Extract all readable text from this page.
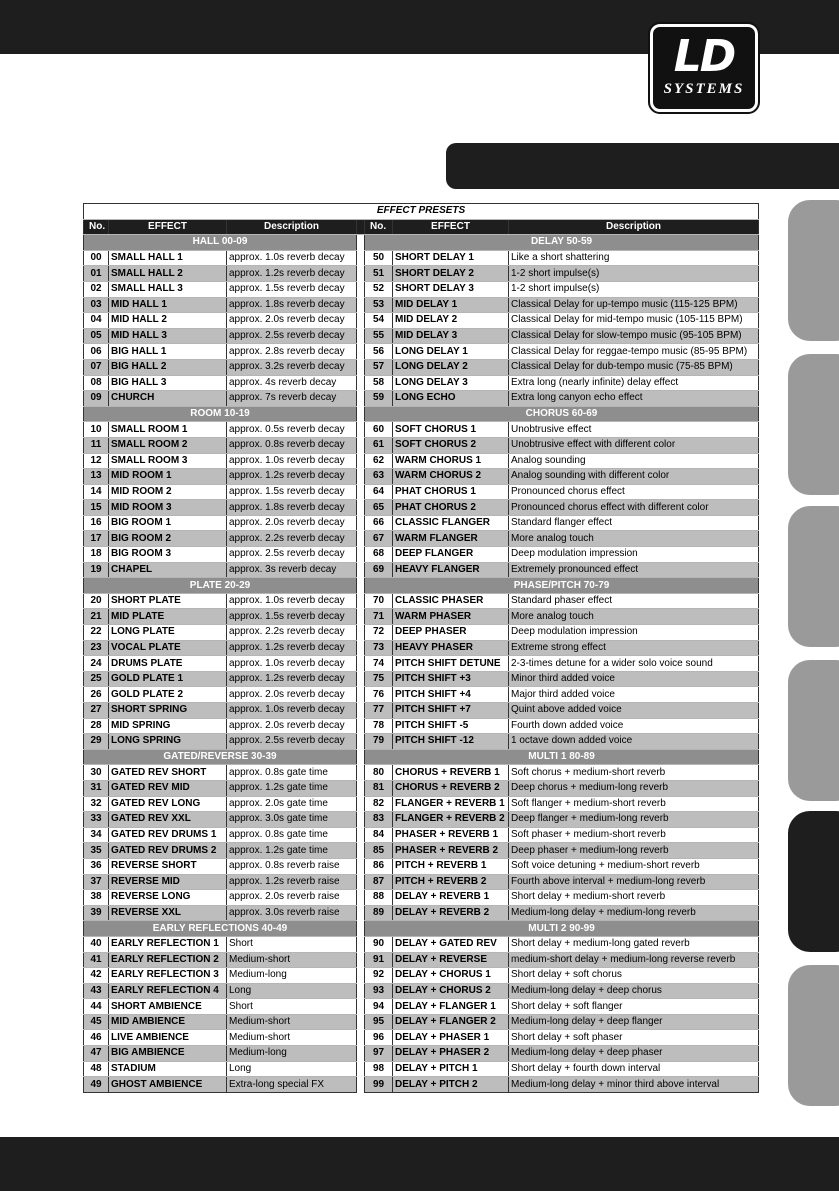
LD
SYSTEMS
EFFECT PRESETS						
No.	EFFECT	Description		No.	EFFECT	Description
HALL 00-09				DELAY 50-59		
00	SMALL HALL 1	approx. 1.0s reverb decay		50	SHORT DELAY 1	Like a short shattering
01	SMALL HALL 2	approx. 1.2s reverb decay		51	SHORT DELAY 2	1-2 short impulse(s)
02	SMALL HALL 3	approx. 1.5s reverb decay		52	SHORT DELAY 3	1-2 short impulse(s)
03	MID HALL 1	approx. 1.8s reverb decay		53	MID DELAY 1	Classical Delay for up-tempo music (115-125 BPM)
04	MID HALL 2	approx. 2.0s reverb decay		54	MID DELAY 2	Classical Delay for mid-tempo music (105-115 BPM)
05	MID HALL 3	approx. 2.5s reverb decay		55	MID DELAY 3	Classical Delay for slow-tempo music (95-105 BPM)
06	BIG HALL 1	approx. 2.8s reverb decay		56	LONG DELAY 1	Classical Delay for reggae-tempo music (85-95 BPM)
07	BIG HALL 2	approx. 3.2s reverb decay		57	LONG DELAY 2	Classical Delay for dub-tempo music (75-85 BPM)
08	BIG HALL 3	approx. 4s reverb decay		58	LONG DELAY 3	Extra long (nearly infinite) delay effect
09	CHURCH	approx. 7s reverb decay		59	LONG ECHO	Extra long canyon echo effect
ROOM 10-19				CHORUS 60-69		
10	SMALL ROOM 1	approx. 0.5s reverb decay		60	SOFT CHORUS 1	Unobtrusive effect
11	SMALL ROOM 2	approx. 0.8s reverb decay		61	SOFT CHORUS 2	Unobtrusive effect with different color
12	SMALL ROOM 3	approx. 1.0s reverb decay		62	WARM CHORUS 1	Analog sounding
13	MID ROOM 1	approx. 1.2s reverb decay		63	WARM CHORUS 2	Analog sounding with different color
14	MID ROOM 2	approx. 1.5s reverb decay		64	PHAT CHORUS 1	Pronounced chorus effect
15	MID ROOM 3	approx. 1.8s reverb decay		65	PHAT CHORUS 2	Pronounced chorus effect with different color
16	BIG ROOM 1	approx. 2.0s reverb decay		66	CLASSIC FLANGER	Standard flanger effect
17	BIG ROOM 2	approx. 2.2s reverb decay		67	WARM FLANGER	More analog touch
18	BIG ROOM 3	approx. 2.5s reverb decay		68	DEEP FLANGER	Deep modulation impression
19	CHAPEL	approx. 3s reverb decay		69	HEAVY FLANGER	Extremely pronounced effect
PLATE 20-29				PHASE/PITCH 70-79		
20	SHORT PLATE	approx. 1.0s reverb decay		70	CLASSIC PHASER	Standard phaser effect
21	MID PLATE	approx. 1.5s reverb decay		71	WARM PHASER	More analog touch
22	LONG PLATE	approx. 2.2s reverb decay		72	DEEP PHASER	Deep modulation impression
23	VOCAL PLATE	approx. 1.2s reverb decay		73	HEAVY PHASER	Extreme strong effect
24	DRUMS PLATE	approx. 1.0s reverb decay		74	PITCH SHIFT DETUNE	2-3-times detune for a wider solo voice sound
25	GOLD PLATE 1	approx. 1.2s reverb decay		75	PITCH SHIFT +3	Minor third added voice
26	GOLD PLATE 2	approx. 2.0s reverb decay		76	PITCH SHIFT +4	Major third added voice
27	SHORT SPRING	approx. 1.0s reverb decay		77	PITCH SHIFT +7	Quint above added voice
28	MID SPRING	approx. 2.0s reverb decay		78	PITCH SHIFT -5	Fourth down added voice
29	LONG SPRING	approx. 2.5s reverb decay		79	PITCH SHIFT -12	1 octave down added voice
GATED/REVERSE 30-39				MULTI 1 80-89		
30	GATED REV SHORT	approx. 0.8s gate time		80	CHORUS + REVERB 1	Soft chorus + medium-short reverb
31	GATED REV MID	approx. 1.2s gate time		81	CHORUS + REVERB 2	Deep chorus + medium-long reverb
32	GATED REV LONG	approx. 2.0s gate time		82	FLANGER + REVERB 1	Soft flanger + medium-short reverb
33	GATED REV XXL	approx. 3.0s gate time		83	FLANGER + REVERB 2	Deep flanger + medium-long reverb
34	GATED REV DRUMS 1	approx. 0.8s gate time		84	PHASER + REVERB 1	Soft phaser + medium-short reverb
35	GATED REV DRUMS 2	approx. 1.2s gate time		85	PHASER + REVERB 2	Deep phaser + medium-long reverb
36	REVERSE SHORT	approx. 0.8s reverb raise		86	PITCH + REVERB 1	Soft voice detuning + medium-short reverb
37	REVERSE MID	approx. 1.2s reverb raise		87	PITCH + REVERB 2	Fourth above interval + medium-long reverb
38	REVERSE LONG	approx. 2.0s reverb raise		88	DELAY + REVERB 1	Short delay + medium-short reverb
39	REVERSE XXL	approx. 3.0s reverb raise		89	DELAY + REVERB 2	Medium-long delay + medium-long reverb
EARLY REFLECTIONS 40-49				MULTI 2 90-99		
40	EARLY REFLECTION 1	Short		90	DELAY + GATED REV	Short delay + medium-long gated reverb
41	EARLY REFLECTION 2	Medium-short		91	DELAY + REVERSE	medium-short delay + medium-long reverse reverb
42	EARLY REFLECTION 3	Medium-long		92	DELAY + CHORUS 1	Short delay + soft chorus
43	EARLY REFLECTION 4	Long		93	DELAY + CHORUS 2	Medium-long delay + deep chorus
44	SHORT AMBIENCE	Short		94	DELAY + FLANGER 1	Short delay + soft flanger
45	MID AMBIENCE	Medium-short		95	DELAY + FLANGER 2	Medium-long delay + deep flanger
46	LIVE AMBIENCE	Medium-short		96	DELAY + PHASER 1	Short delay + soft phaser
47	BIG AMBIENCE	Medium-long		97	DELAY + PHASER 2	Medium-long delay + deep phaser
48	STADIUM	Long		98	DELAY + PITCH 1	Short delay + fourth down interval
49	GHOST AMBIENCE	Extra-long special FX		99	DELAY + PITCH 2	Medium-long delay + minor third above interval
